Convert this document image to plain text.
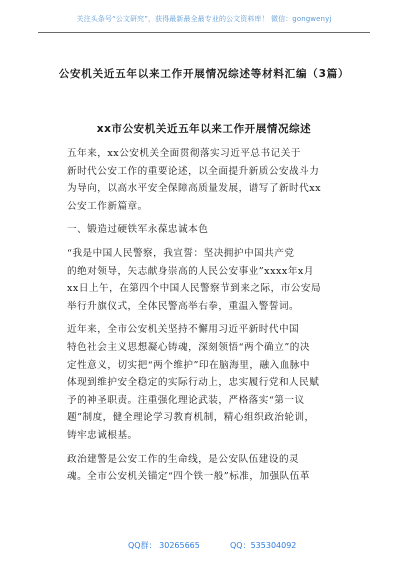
关注头条号“公文研究”，获得最新最全最专业的公文资料库！ 微信：gongwenyj
公安机关近五年以来工作开展情况综述等材料汇编（3篇）
xx市公安机关近五年以来工作开展情况综述
五年来，xx公安机关全面贯彻落实习近平总书记关于
新时代公安工作的重要论述，以全面提升新质公安战斗力
为导向，以高水平安全保障高质量发展，谱写了新时代xx
公安工作新篇章。
一、锻造过硬铁军永葆忠诚本色
“我是中国人民警察，我宣誓：坚决拥护中国共产党
的绝对领导，矢志献身崇高的人民公安事业”xxxx年x月
xx日上午，在第四个中国人民警察节到来之际，市公安局
举行升旗仪式，全体民警高举右拳，重温入警誓词。
近年来，全市公安机关坚持不懈用习近平新时代中国
特色社会主义思想凝心铸魂，深刻领悟“两个确立”的决
定性意义，切实把“两个维护”印在脑海里，融入血脉中
体现到维护安全稳定的实际行动上，忠实履行党和人民赋
予的神圣职责。注重强化理论武装，严格落实“第一议
题”制度，健全理论学习教育机制，精心组织政治轮训，
铸牢忠诚根基。
政治建警是公安工作的生命线，是公安队伍建设的灵
魂。全市公安机关锚定“四个铁一般”标准，加强队伍革
QQ群： 30265665	QQ：535304092
